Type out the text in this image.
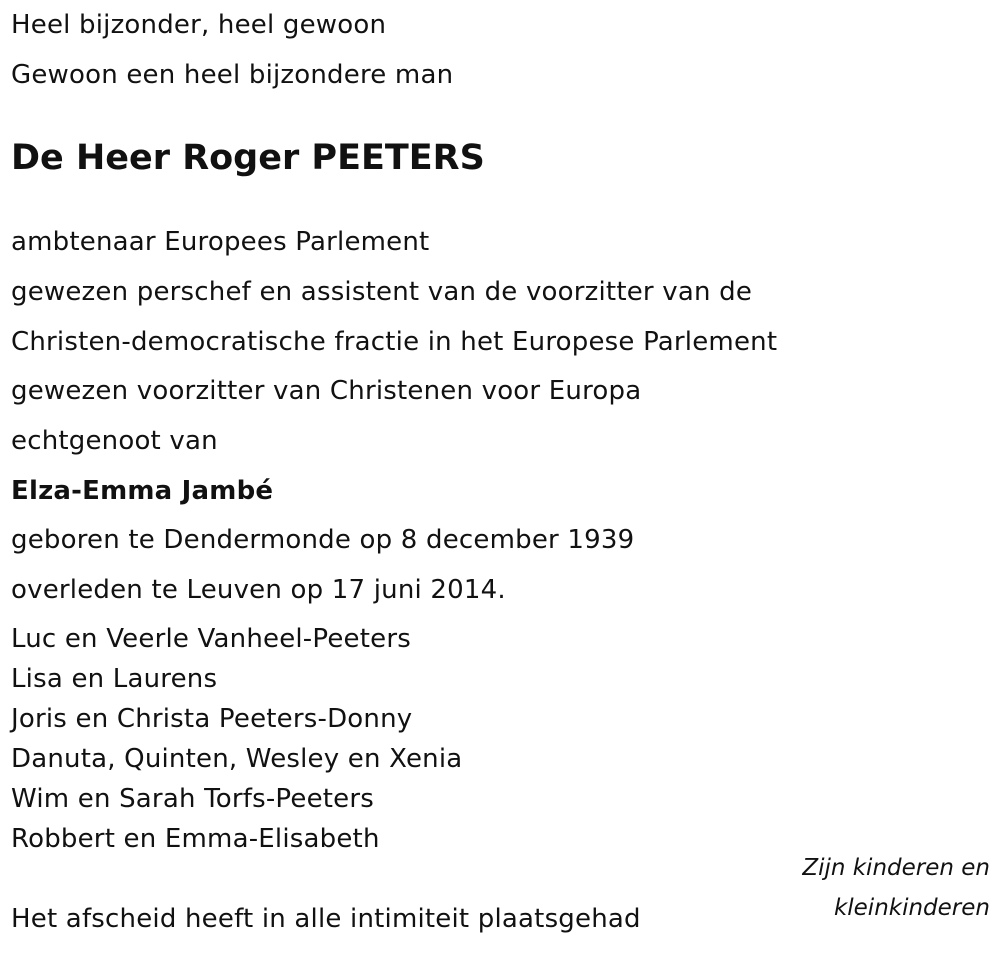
Heel bijzonder, heel gewoon
Gewoon een heel bijzondere man
De Heer Roger PEETERS
ambtenaar Europees Parlement
gewezen perschef en assistent van de voorzitter van de
Christen-democratische fractie in het Europese Parlement
gewezen voorzitter van Christenen voor Europa
echtgenoot van
Elza-Emma Jambé
geboren te Dendermonde op 8 december 1939
overleden te Leuven op 17 juni 2014.
Luc en Veerle Vanheel-Peeters
Lisa en Laurens
Joris en Christa Peeters-Donny
Danuta, Quinten, Wesley en Xenia
Wim en Sarah Torfs-Peeters
Robbert en Emma-Elisabeth
Zijn kinderen en
kleinkinderen
Het afscheid heeft in alle intimiteit plaatsgehad
